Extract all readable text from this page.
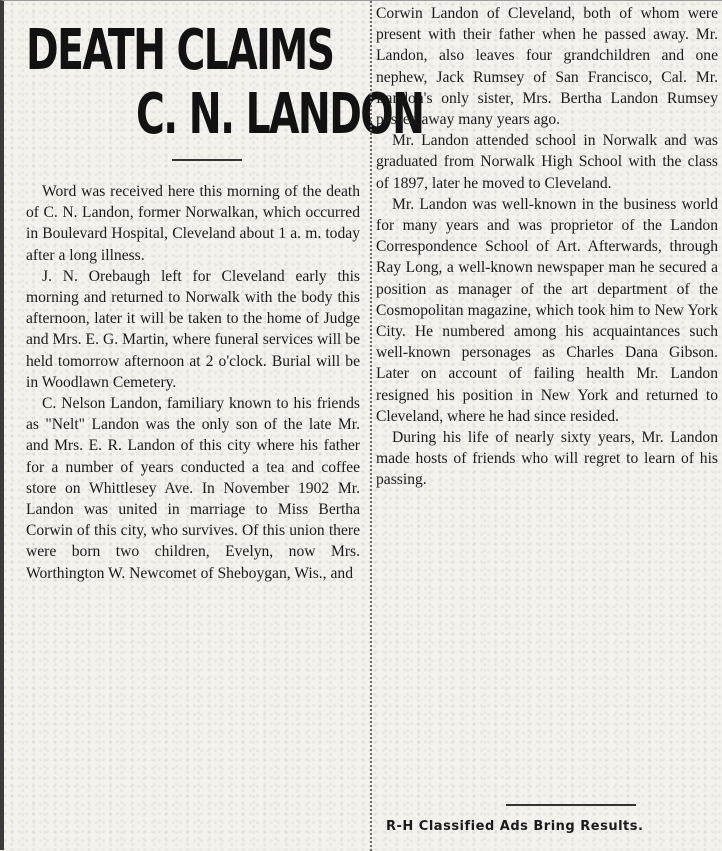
DEATH CLAIMS
C. N. LANDON

Word was received here this morning of the death of C. N. Landon, former Norwalkan, which occurred in Boulevard Hospital, Cleveland about 1 a. m. today after a long illness.

J. N. Orebaugh left for Cleveland early this morning and returned to Norwalk with the body this afternoon, later it will be taken to the home of Judge and Mrs. E. G. Martin, where funeral services will be held tomorrow afternoon at 2 o'clock. Burial will be in Woodlawn Cemetery.

C. Nelson Landon, familiary known to his friends as "Nelt" Landon was the only son of the late Mr. and Mrs. E. R. Landon of this city where his father for a number of years conducted a tea and coffee store on Whittlesey Ave. In November 1902 Mr. Landon was united in marriage to Miss Bertha Corwin of this city, who survives. Of this union there were born two children, Evelyn, now Mrs. Worthington W. Newcomet of Sheboygan, Wis., and

Corwin Landon of Cleveland, both of whom were present with their father when he passed away. Mr. Landon, also leaves four grandchildren and one nephew, Jack Rumsey of San Francisco, Cal. Mr. Landon's only sister, Mrs. Bertha Landon Rumsey passed away many years ago.

Mr. Landon attended school in Norwalk and was graduated from Norwalk High School with the class of 1897, later he moved to Cleveland.

Mr. Landon was well-known in the business world for many years and was proprietor of the Landon Correspondence School of Art. Afterwards, through Ray Long, a well-known newspaper man he secured a position as manager of the art department of the Cosmopolitan magazine, which took him to New York City. He numbered among his acquaintances such well-known personages as Charles Dana Gibson. Later on account of failing health Mr. Landon resigned his position in New York and returned to Cleveland, where he had since resided.

During his life of nearly sixty years, Mr. Landon made hosts of friends who will regret to learn of his passing.

R-H Classified Ads Bring Results.
